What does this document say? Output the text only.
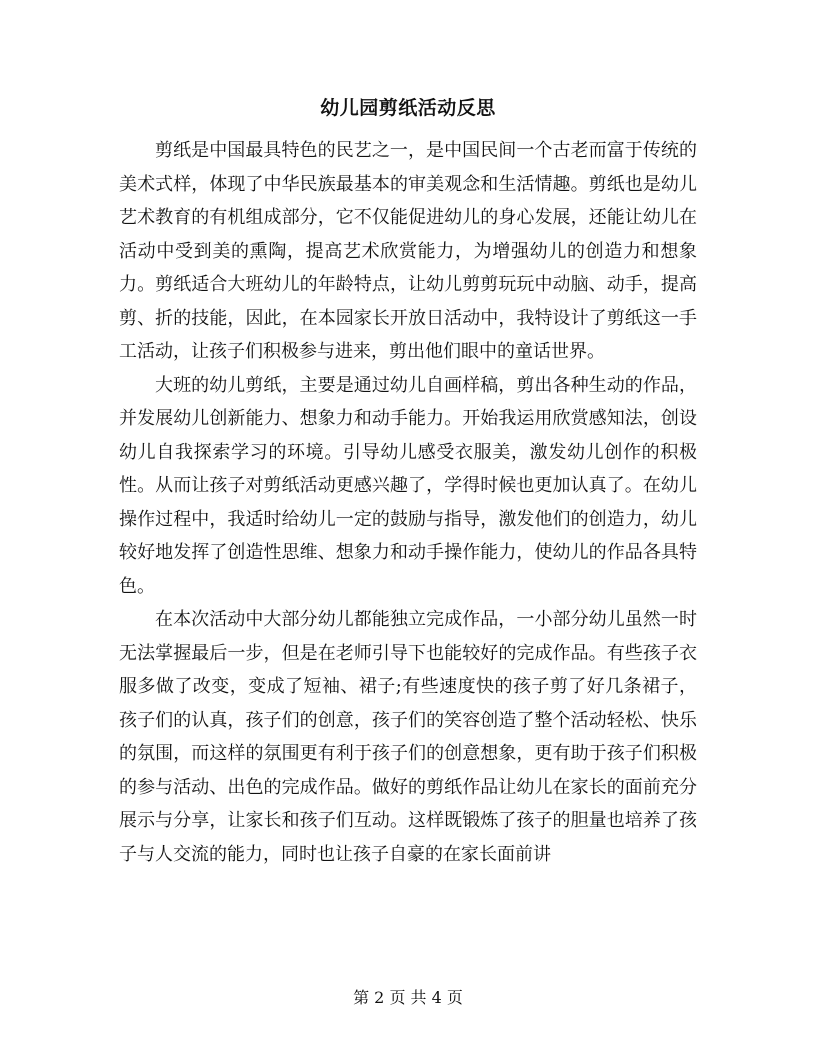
幼儿园剪纸活动反思

剪纸是中国最具特色的民艺之一，是中国民间一个古老而富于传统的美术式样，体现了中华民族最基本的审美观念和生活情趣。剪纸也是幼儿艺术教育的有机组成部分，它不仅能促进幼儿的身心发展，还能让幼儿在活动中受到美的熏陶，提高艺术欣赏能力，为增强幼儿的创造力和想象力。剪纸适合大班幼儿的年龄特点，让幼儿剪剪玩玩中动脑、动手，提高剪、折的技能，因此，在本园家长开放日活动中，我特设计了剪纸这一手工活动，让孩子们积极参与进来，剪出他们眼中的童话世界。

大班的幼儿剪纸，主要是通过幼儿自画样稿，剪出各种生动的作品，并发展幼儿创新能力、想象力和动手能力。开始我运用欣赏感知法，创设幼儿自我探索学习的环境。引导幼儿感受衣服美，激发幼儿创作的积极性。从而让孩子对剪纸活动更感兴趣了，学得时候也更加认真了。在幼儿操作过程中，我适时给幼儿一定的鼓励与指导，激发他们的创造力，幼儿较好地发挥了创造性思维、想象力和动手操作能力，使幼儿的作品各具特色。

在本次活动中大部分幼儿都能独立完成作品，一小部分幼儿虽然一时无法掌握最后一步，但是在老师引导下也能较好的完成作品。有些孩子衣服多做了改变，变成了短袖、裙子;有些速度快的孩子剪了好几条裙子，孩子们的认真，孩子们的创意，孩子们的笑容创造了整个活动轻松、快乐的氛围，而这样的氛围更有利于孩子们的创意想象，更有助于孩子们积极的参与活动、出色的完成作品。做好的剪纸作品让幼儿在家长的面前充分展示与分享，让家长和孩子们互动。这样既锻炼了孩子的胆量也培养了孩子与人交流的能力，同时也让孩子自豪的在家长面前讲

第 2 页 共 4 页
